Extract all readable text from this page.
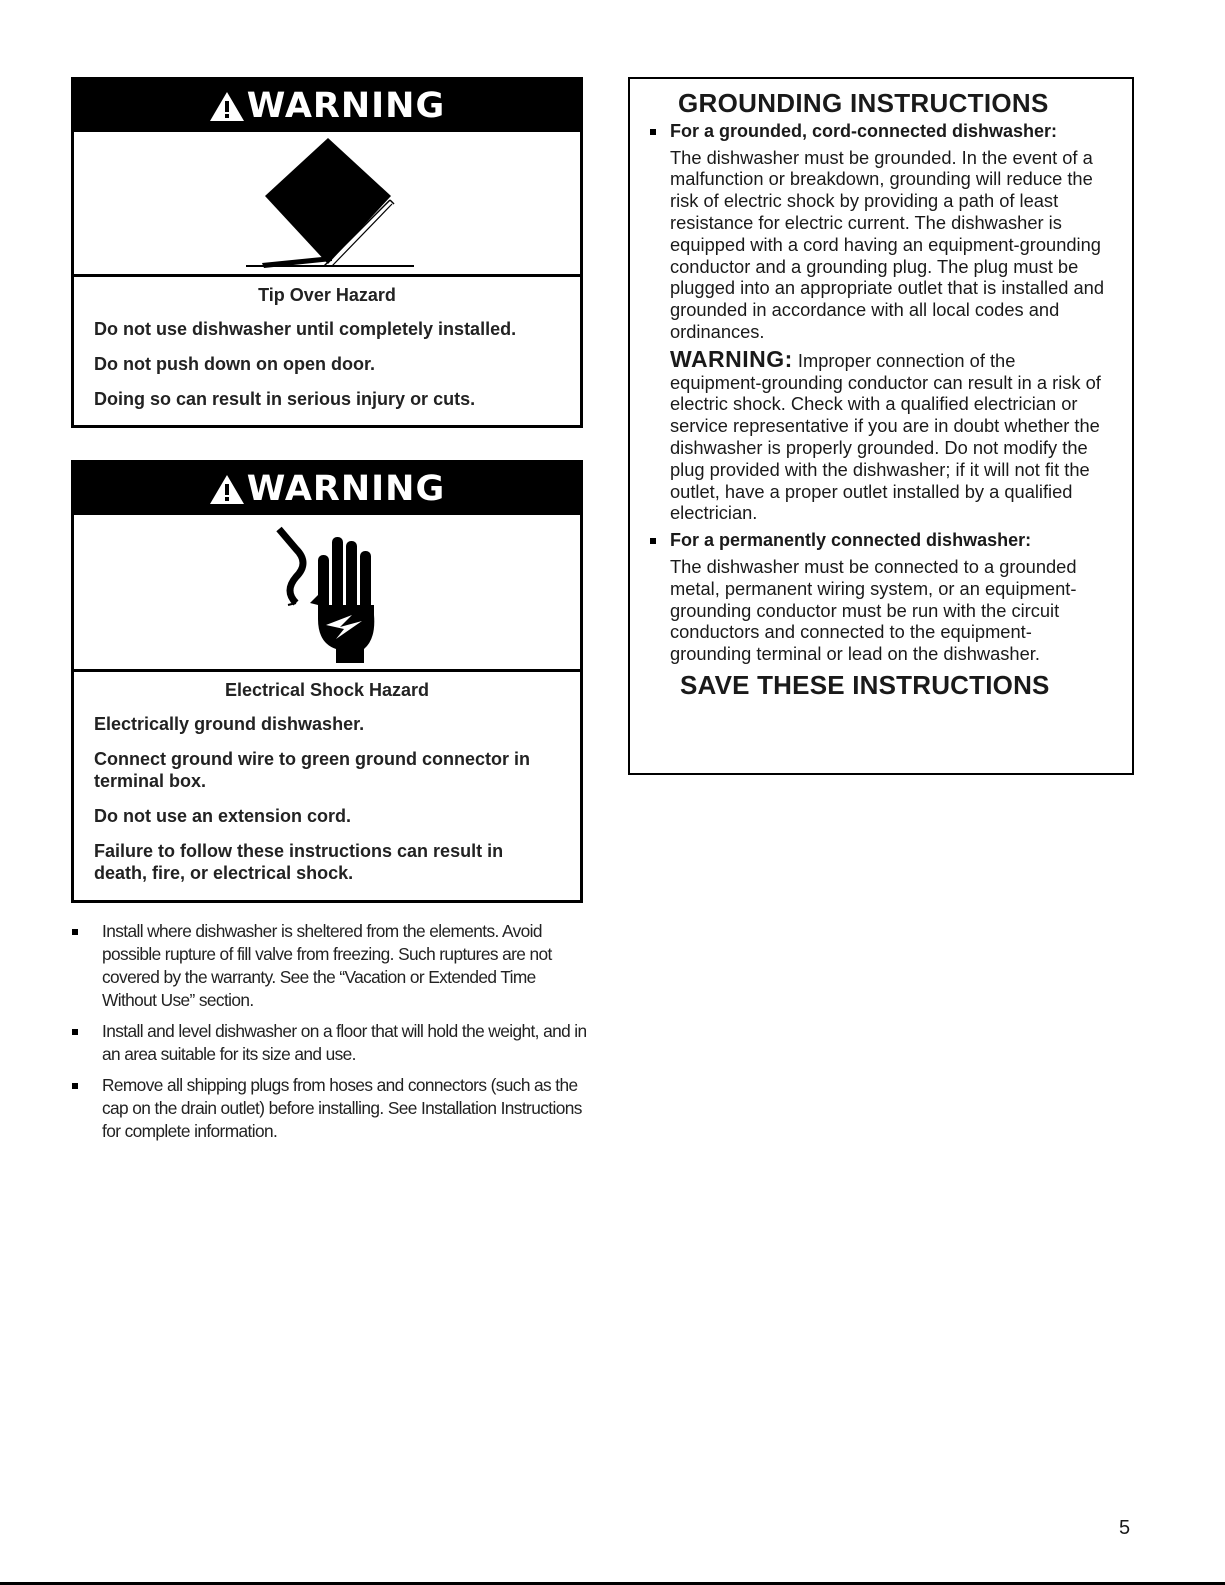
WARNING
Tip Over Hazard

Do not use dishwasher until completely installed.

Do not push down on open door.

Doing so can result in serious injury or cuts.

WARNING
Electrical Shock Hazard

Electrically ground dishwasher.

Connect ground wire to green ground connector in terminal box.

Do not use an extension cord.

Failure to follow these instructions can result in death, fire, or electrical shock.

GROUNDING INSTRUCTIONS
For a grounded, cord-connected dishwasher:
The dishwasher must be grounded. In the event of a malfunction or breakdown, grounding will reduce the risk of electric shock by providing a path of least resistance for electric current. The dishwasher is equipped with a cord having an equipment-grounding conductor and a grounding plug. The plug must be plugged into an appropriate outlet that is installed and grounded in accordance with all local codes and ordinances.
WARNING: Improper connection of the equipment-grounding conductor can result in a risk of electric shock. Check with a qualified electrician or service representative if you are in doubt whether the dishwasher is properly grounded. Do not modify the plug provided with the dishwasher; if it will not fit the outlet, have a proper outlet installed by a qualified electrician.
For a permanently connected dishwasher:
The dishwasher must be connected to a grounded metal, permanent wiring system, or an equipment-grounding conductor must be run with the circuit conductors and connected to the equipment-grounding terminal or lead on the dishwasher.
SAVE THESE INSTRUCTIONS
Install where dishwasher is sheltered from the elements. Avoid possible rupture of fill valve from freezing. Such ruptures are not covered by the warranty. See the “Vacation or Extended Time Without Use” section.
Install and level dishwasher on a floor that will hold the weight, and in an area suitable for its size and use.
Remove all shipping plugs from hoses and connectors (such as the cap on the drain outlet) before installing. See Installation Instructions for complete information.
5
